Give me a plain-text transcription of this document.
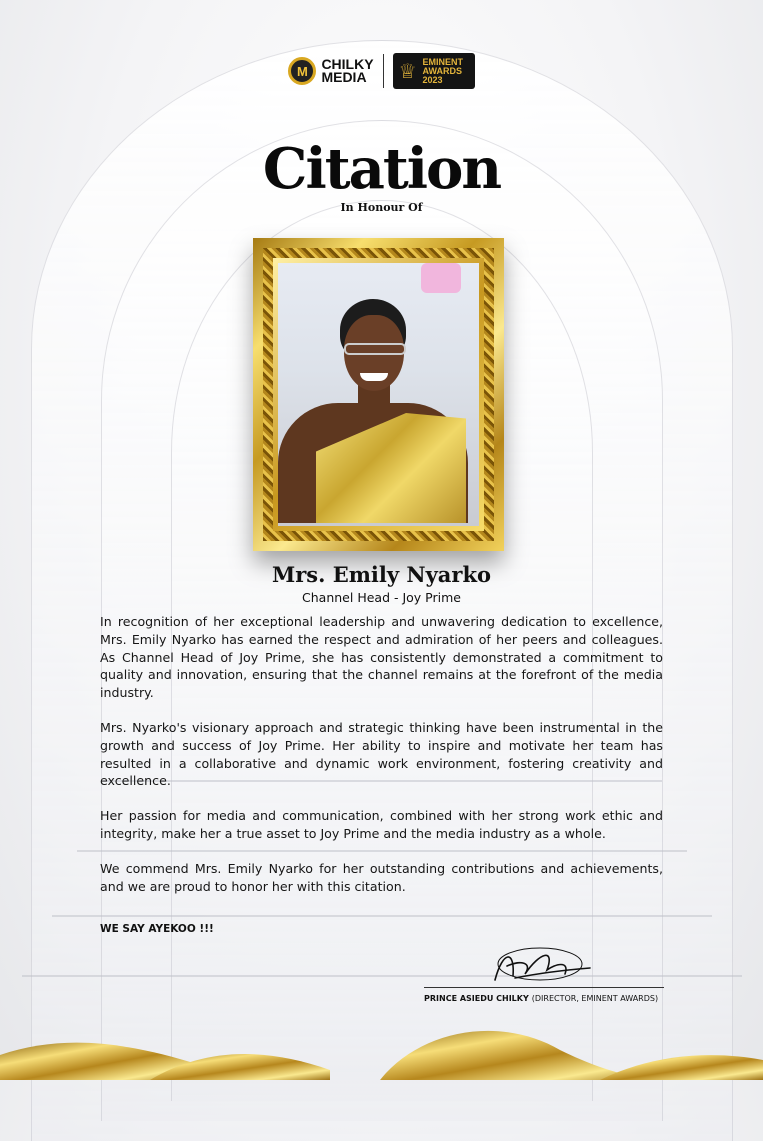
M CHILKY
MEDIA	♕ EMINENT
AWARDS
2023
Citation
In Honour Of
Mrs. Emily Nyarko
Channel Head - Joy Prime

In recognition of her exceptional leadership and unwavering dedication to excellence, Mrs. Emily Nyarko has earned the respect and admiration of her peers and colleagues. As Channel Head of Joy Prime, she has consistently demonstrated a commitment to quality and innovation, ensuring that the channel remains at the forefront of the media industry.

Mrs. Nyarko's visionary approach and strategic thinking have been instrumental in the growth and success of Joy Prime. Her ability to inspire and motivate her team has resulted in a collaborative and dynamic work environment, fostering creativity and excellence.

Her passion for media and communication, combined with her strong work ethic and integrity, make her a true asset to Joy Prime and the media industry as a whole.

We commend Mrs. Emily Nyarko for her outstanding contributions and achievements, and we are proud to honor her with this citation.

WE SAY AYEKOO !!!
PRINCE ASIEDU CHILKY (DIRECTOR, EMINENT AWARDS)
